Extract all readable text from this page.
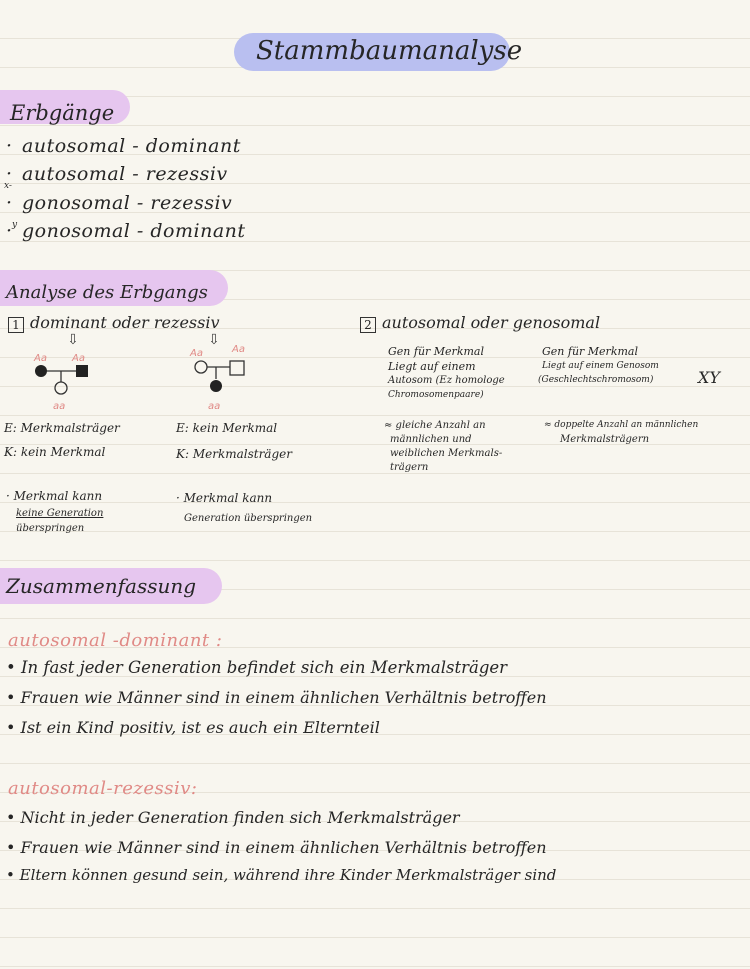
Stammbaumanalyse
Erbgänge
x-
y
autosomal - dominant
autosomal - rezessiv
gonosomal - rezessiv
gonosomal - dominant
·
·
·
·
Analyse des Erbgangs
1 dominant oder rezessiv	2 autosomal oder genosomal
⇩
Aa	Aa
aa
⇩
Aa	Aa
aa
E: Merkmalsträger
K: kein Merkmal
E: kein Merkmal
K: Merkmalsträger
· Merkmal kann
keine Generation
überspringen
· Merkmal kann
Generation überspringen
Gen für Merkmal
Liegt auf einem
Autosom (Ez homologe
Chromosomenpaare)
Gen für Merkmal
Liegt auf einem Genosom
(Geschlechtschromosom)	XY
≈ gleiche Anzahl an
männlichen und
weiblichen Merkmals-
trägern
≈ doppelte Anzahl an männlichen
Merkmalsträgern
Zusammenfassung
autosomal -dominant :
• In fast jeder Generation befindet sich ein Merkmalsträger
• Frauen wie Männer sind in einem ähnlichen Verhältnis betroffen
• Ist ein Kind positiv, ist es auch ein Elternteil
autosomal-rezessiv:
• Nicht in jeder Generation finden sich Merkmalsträger
• Frauen wie Männer sind in einem ähnlichen Verhältnis betroffen
• Eltern können gesund sein, während ihre Kinder Merkmalsträger sind
